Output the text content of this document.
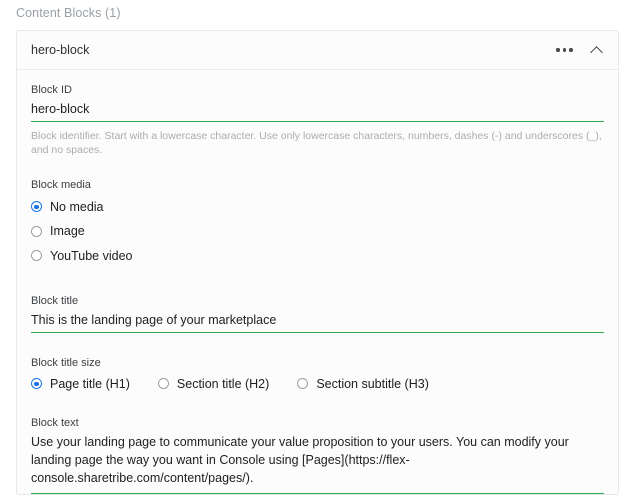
Content Blocks (1)
hero-block
Block ID
hero-block
Block identifier. Start with a lowercase character. Use only lowercase characters, numbers, dashes (-) and underscores (_), and no spaces.
Block media
No media
Image
YouTube video
Block title
This is the landing page of your marketplace
Block title size
Page title (H1)	Section title (H2)	Section subtitle (H3)
Block text
Use your landing page to communicate your value proposition to your users. You can modify your landing page the way you want in Console using [Pages](https://flex-console.sharetribe.com/content/pages/).
